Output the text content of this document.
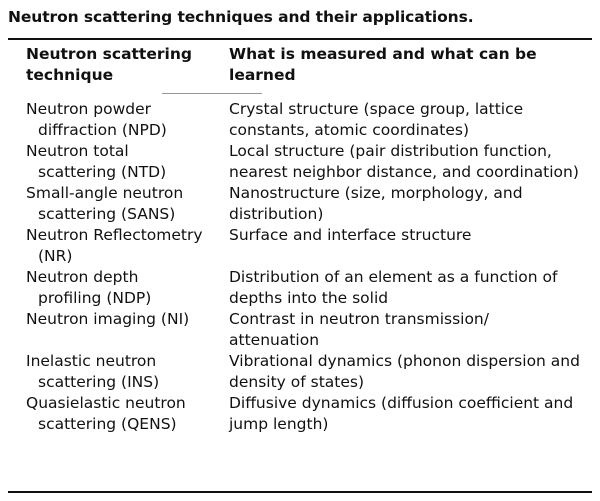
Neutron scattering techniques and their applications.
Neutron scattering technique
What is measured and what can be learned
Neutron powder
diffraction (NPD)
Crystal structure (space group, lattice constants, atomic coordinates)
Neutron total
scattering (NTD)
Local structure (pair distribution function, nearest neighbor distance, and coordination)
Small-angle neutron
scattering (SANS)
Nanostructure (size, morphology, and distribution)
Neutron Reflectometry
(NR)
Surface and interface structure
Neutron depth
profiling (NDP)
Distribution of an element as a function of depths into the solid
Neutron imaging (NI)	Contrast in neutron transmission/ attenuation
Inelastic neutron
scattering (INS)
Vibrational dynamics (phonon dispersion and density of states)
Quasielastic neutron
scattering (QENS)
Diffusive dynamics (diffusion coefficient and jump length)
